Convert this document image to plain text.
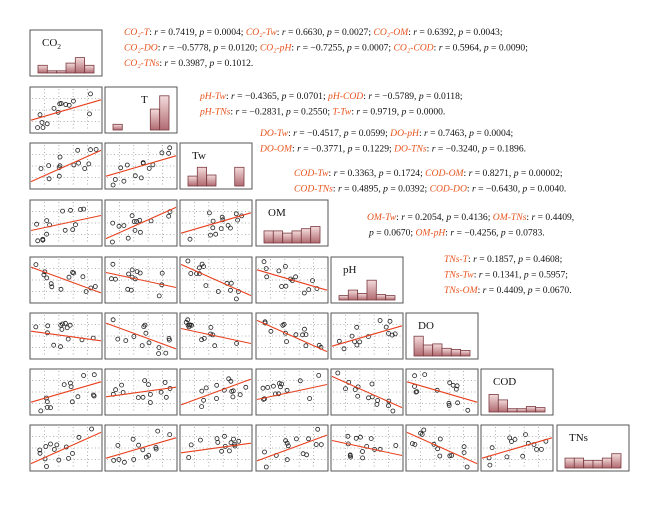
$CO_2$
T
Tw
OM
pH
DO
COD
TNs
CO₂-T: r = 0.7419, p = 0.0004; CO₂-Tw: r = 0.6630, p = 0.0027; CO₂-OM: r = 0.6392, p = 0.0043;
CO₂-DO: r = −0.5778, p = 0.0120; CO₂-pH: r = −0.7255, p = 0.0007; CO₂-COD: r = 0.5964, p = 0.0090;
CO₂-TNs: r = 0.3987, p = 0.1012.
pH-Tw: r = −0.4365, p = 0.0701; pH-COD: r = −0.5789, p = 0.0118;
pH-TNs: r = −0.2831, p = 0.2550; T-Tw: r = 0.9719, p = 0.0000.
DO-Tw: r = −0.4517, p = 0.0599; DO-pH: r = 0.7463, p = 0.0004;
DO-OM: r = −0.3771, p = 0.1229; DO-TNs: r = −0.3240, p = 0.1896.
COD-Tw: r = 0.3363, p = 0.1724; COD-OM: r = 0.8271, p = 0.00002;
COD-TNs: r = 0.4895, p = 0.0392; COD-DO: r = −0.6430, p = 0.0040.
OM-Tw: r = 0.2054, p = 0.4136; OM-TNs: r = 0.4409,
p = 0.0670; OM-pH: r = −0.4256, p = 0.0783.
TNs-T: r = 0.1857, p = 0.4608;
TNs-Tw: r = 0.1341, p = 0.5957;
TNs-OM: r = 0.4409, p = 0.0670.
